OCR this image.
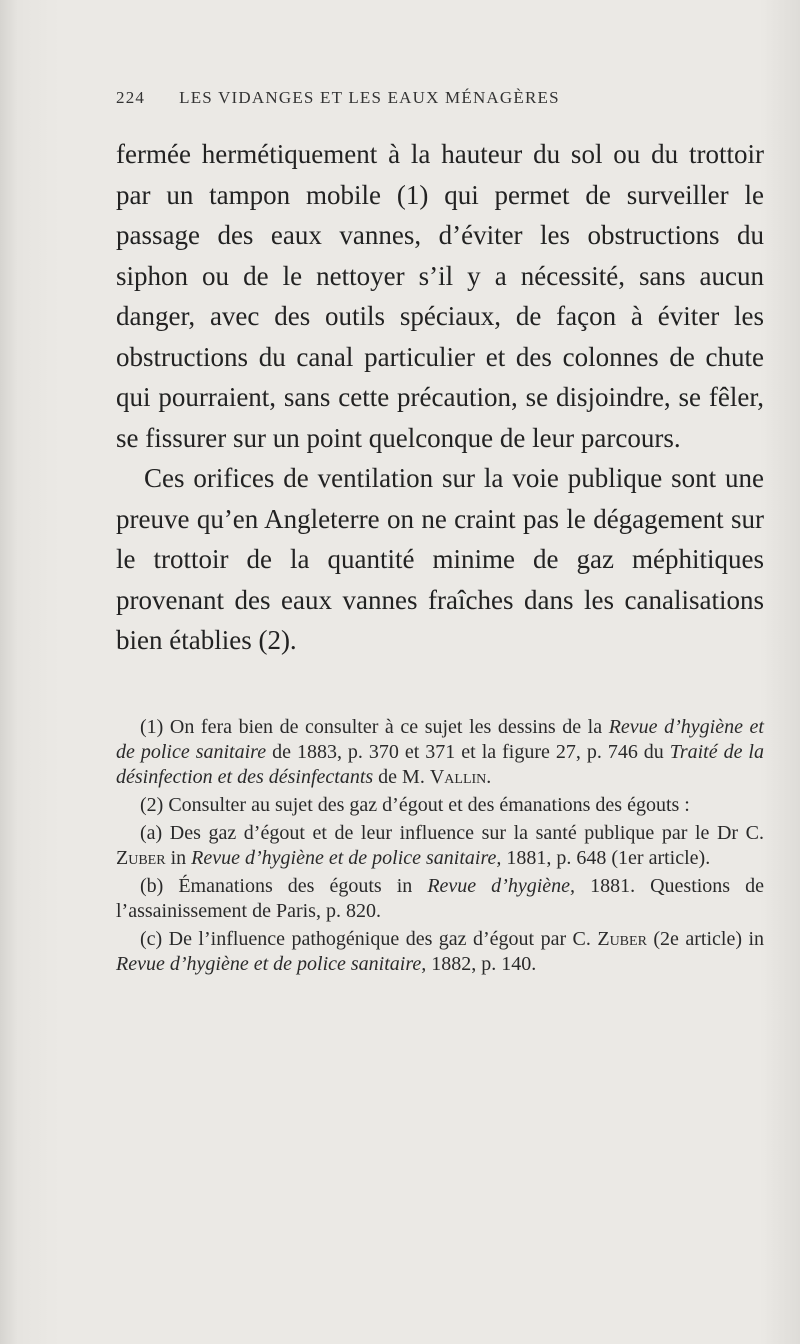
224 LES VIDANGES ET LES EAUX MÉNAGÈRES

fermée hermétiquement à la hauteur du sol ou du trottoir par un tampon mobile (1) qui permet de surveiller le passage des eaux vannes, d’éviter les obstructions du siphon ou de le nettoyer s’il y a nécessité, sans aucun danger, avec des outils spéciaux, de façon à éviter les obstructions du canal particulier et des colonnes de chute qui pourraient, sans cette précaution, se disjoindre, se fêler, se fissurer sur un point quelconque de leur parcours.

Ces orifices de ventilation sur la voie publique sont une preuve qu’en Angleterre on ne craint pas le dégagement sur le trottoir de la quantité minime de gaz méphitiques provenant des eaux vannes fraîches dans les canalisations bien établies (2).

(1) On fera bien de consulter à ce sujet les dessins de la Revue d’hygiène et de police sanitaire de 1883, p. 370 et 371 et la figure 27, p. 746 du Traité de la désinfection et des désinfectants de M. Vallin.

(2) Consulter au sujet des gaz d’égout et des émanations des égouts :

(a) Des gaz d’égout et de leur influence sur la santé publique par le Dr C. Zuber in Revue d’hygiène et de police sanitaire, 1881, p. 648 (1er article).

(b) Émanations des égouts in Revue d’hygiène, 1881. Questions de l’assainissement de Paris, p. 820.

(c) De l’influence pathogénique des gaz d’égout par C. Zuber (2e article) in Revue d’hygiène et de police sanitaire, 1882, p. 140.
